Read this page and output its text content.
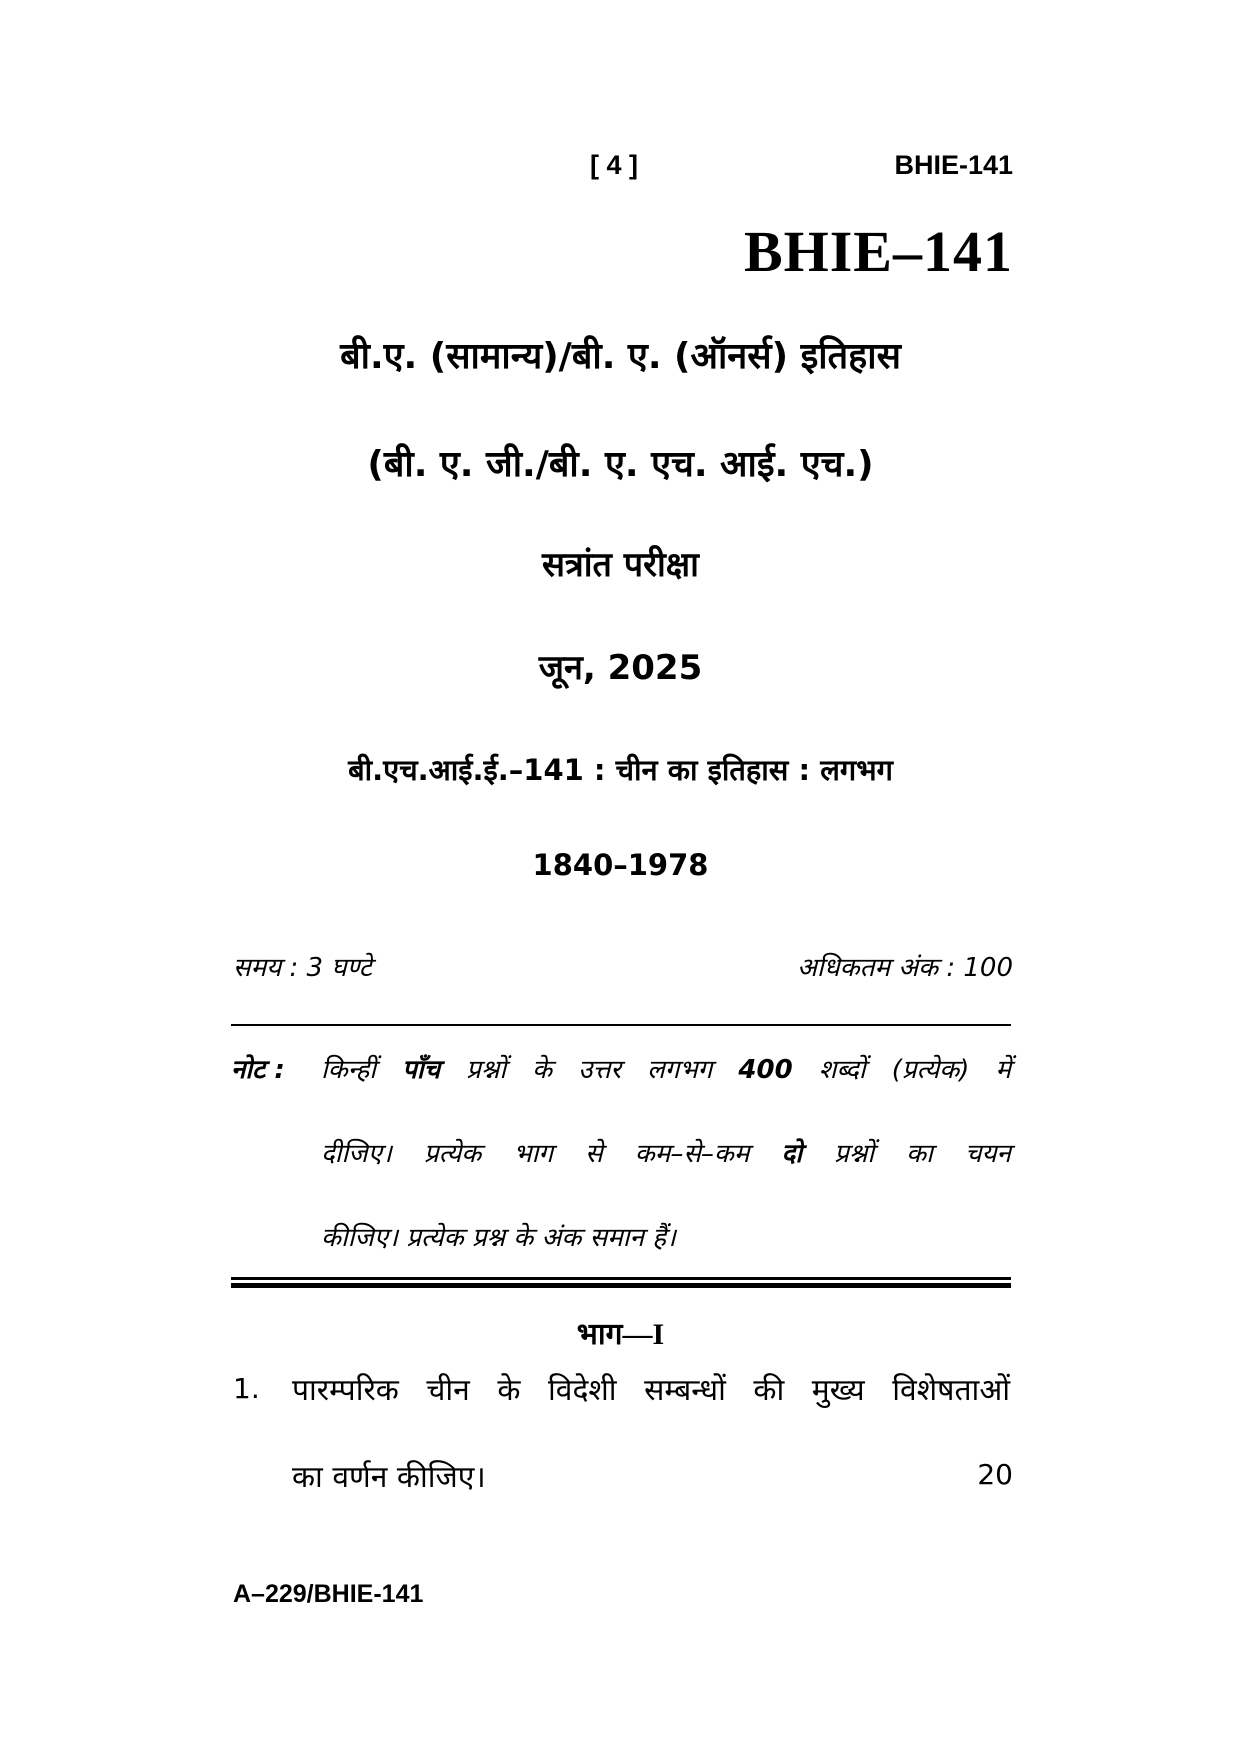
[ 4 ]	BHIE-141
BHIE–141
बी.ए. (सामान्य)/बी. ए. (ऑनर्स) इतिहास
(बी. ए. जी./बी. ए. एच. आई. एच.)
सत्रांत परीक्षा
जून, 2025
बी.एच.आई.ई.–141 : चीन का इतिहास : लगभग
1840–1978
समय : 3 घण्टे	अधिकतम अंक : 100
नोट :	किन्हीं पाँच प्रश्नों के उत्तर लगभग 400 शब्दों (प्रत्येक) में
दीजिए। प्रत्येक भाग से कम–से–कम दो प्रश्नों का चयन
कीजिए। प्रत्येक प्रश्न के अंक समान हैं।
भाग—I
1. पारम्परिक चीन के विदेशी सम्बन्धों की मुख्य विशेषताओं
का वर्णन कीजिए।	20
A–229/BHIE-141
